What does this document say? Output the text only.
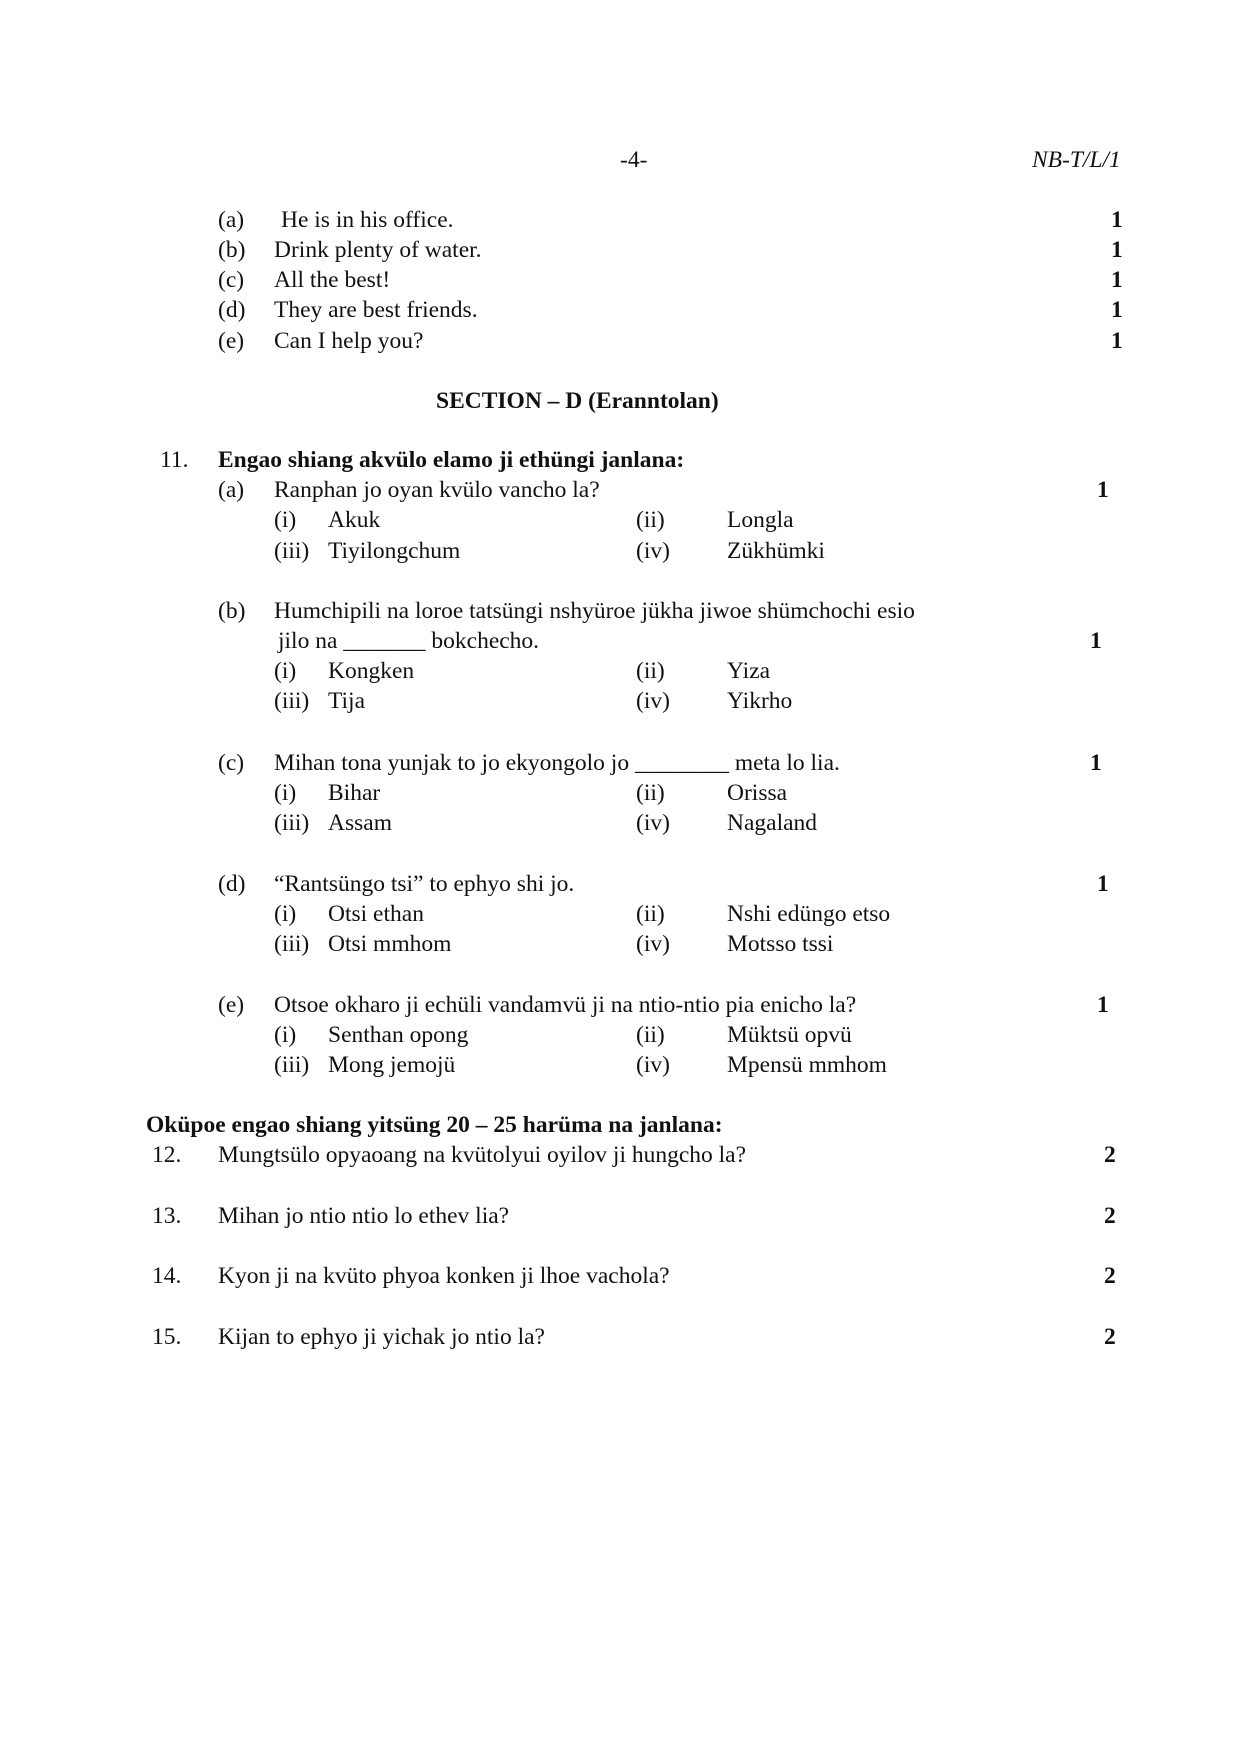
-4-	NB-T/L/1
(a) He is in his office.	1
(b) Drink plenty of water.	1
(c) All the best!	1
(d) They are best friends.	1
(e) Can I help you?	1
SECTION – D (Eranntolan)
11. Engao shiang akvülo elamo ji ethüngi janlana:
(a) Ranphan jo oyan kvülo vancho la?	1
(i) Akuk	(ii)	Longla
(iii) Tiyilongchum	(iv) Zükhümki
(b) Humchipili na loroe tatsüngi nshyüroe jükha jiwoe shümchochi esio
jilo na _______ bokchecho.	1
(i) Kongken	(ii)	Yiza
(iii) Tija	(iv) Yikrho
(c) Mihan tona yunjak to jo ekyongolo jo ________ meta lo lia.	1
(i) Bihar	(ii)	Orissa
(iii) Assam	(iv) Nagaland
(d) “Rantsüngo tsi” to ephyo shi jo.	1
(i) Otsi ethan	(ii)	Nshi edüngo etso
(iii) Otsi mmhom	(iv) Motsso tssi
(e) Otsoe okharo ji echüli vandamvü ji na ntio-ntio pia enicho la?	1
(i) Senthan opong	(ii)	Müktsü opvü
(iii) Mong jemojü	(iv) Mpensü mmhom
Oküpoe engao shiang yitsüng 20 – 25 harüma na janlana:
12. Mungtsülo opyaoang na kvütolyui oyilov ji hungcho la?	2
13. Mihan jo ntio ntio lo ethev lia?	2
14. Kyon ji na kvüto phyoa konken ji lhoe vachola?	2
15. Kijan to ephyo ji yichak jo ntio la?	2
